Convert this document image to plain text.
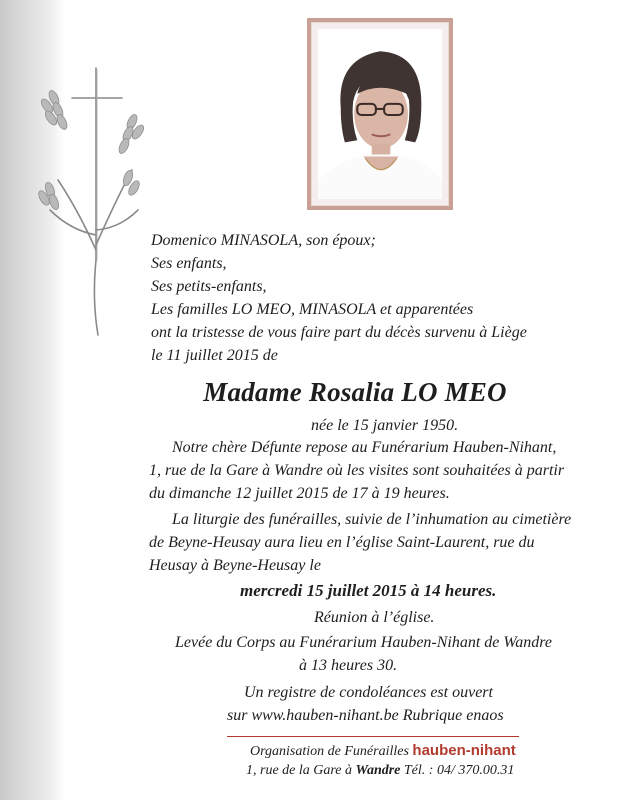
Domenico MINASOLA, son époux;
Ses enfants,
Ses petits-enfants,
Les familles LO MEO, MINASOLA et apparentées
ont la tristesse de vous faire part du décès survenu à Liège
le 11 juillet 2015 de
Madame Rosalia LO MEO
née le 15 janvier 1950.
Notre chère Défunte repose au Funérarium Hauben-Nihant,
1, rue de la Gare à Wandre où les visites sont souhaitées à partir
du dimanche 12 juillet 2015 de 17 à 19 heures.
La liturgie des funérailles, suivie de l’inhumation au cimetière
de Beyne-Heusay aura lieu en l’église Saint-Laurent, rue du
Heusay à Beyne-Heusay le
mercredi 15 juillet 2015 à 14 heures.
Réunion à l’église.
Levée du Corps au Funérarium Hauben-Nihant de Wandre
à 13 heures 30.
Un registre de condoléances est ouvert
sur www.hauben-nihant.be Rubrique enaos
Organisation de Funérailles hauben-nihant
1, rue de la Gare à Wandre Tél. : 04/ 370.00.31
